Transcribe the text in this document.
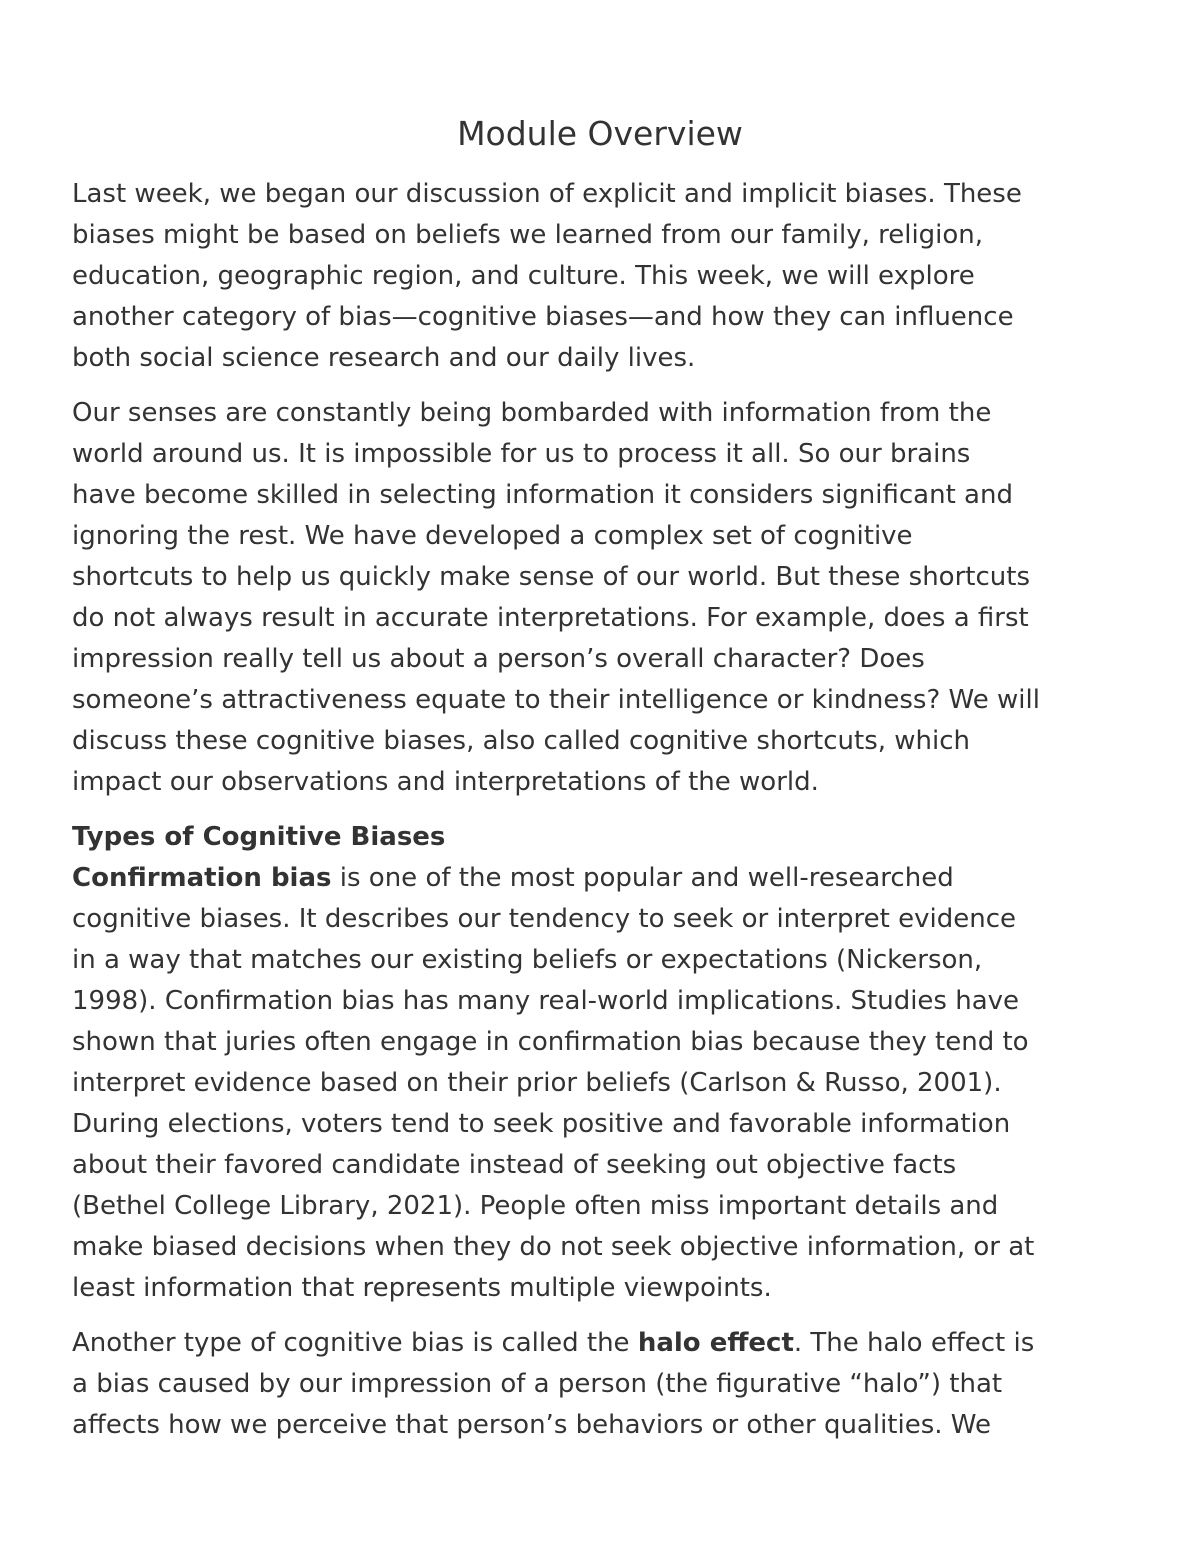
Module Overview

Last week, we began our discussion of explicit and implicit biases. These
biases might be based on beliefs we learned from our family, religion,
education, geographic region, and culture. This week, we will explore
another category of bias—cognitive biases—and how they can influence
both social science research and our daily lives.

Our senses are constantly being bombarded with information from the
world around us. It is impossible for us to process it all. So our brains
have become skilled in selecting information it considers significant and
ignoring the rest. We have developed a complex set of cognitive
shortcuts to help us quickly make sense of our world. But these shortcuts
do not always result in accurate interpretations. For example, does a first
impression really tell us about a person’s overall character? Does
someone’s attractiveness equate to their intelligence or kindness? We will
discuss these cognitive biases, also called cognitive shortcuts, which
impact our observations and interpretations of the world.

Types of Cognitive Biases
Confirmation bias is one of the most popular and well-researched
cognitive biases. It describes our tendency to seek or interpret evidence
in a way that matches our existing beliefs or expectations (Nickerson,
1998). Confirmation bias has many real-world implications. Studies have
shown that juries often engage in confirmation bias because they tend to
interpret evidence based on their prior beliefs (Carlson & Russo, 2001).
During elections, voters tend to seek positive and favorable information
about their favored candidate instead of seeking out objective facts
(Bethel College Library, 2021). People often miss important details and
make biased decisions when they do not seek objective information, or at
least information that represents multiple viewpoints.

Another type of cognitive bias is called the halo effect. The halo effect is
a bias caused by our impression of a person (the figurative “halo”) that
affects how we perceive that person’s behaviors or other qualities. We
